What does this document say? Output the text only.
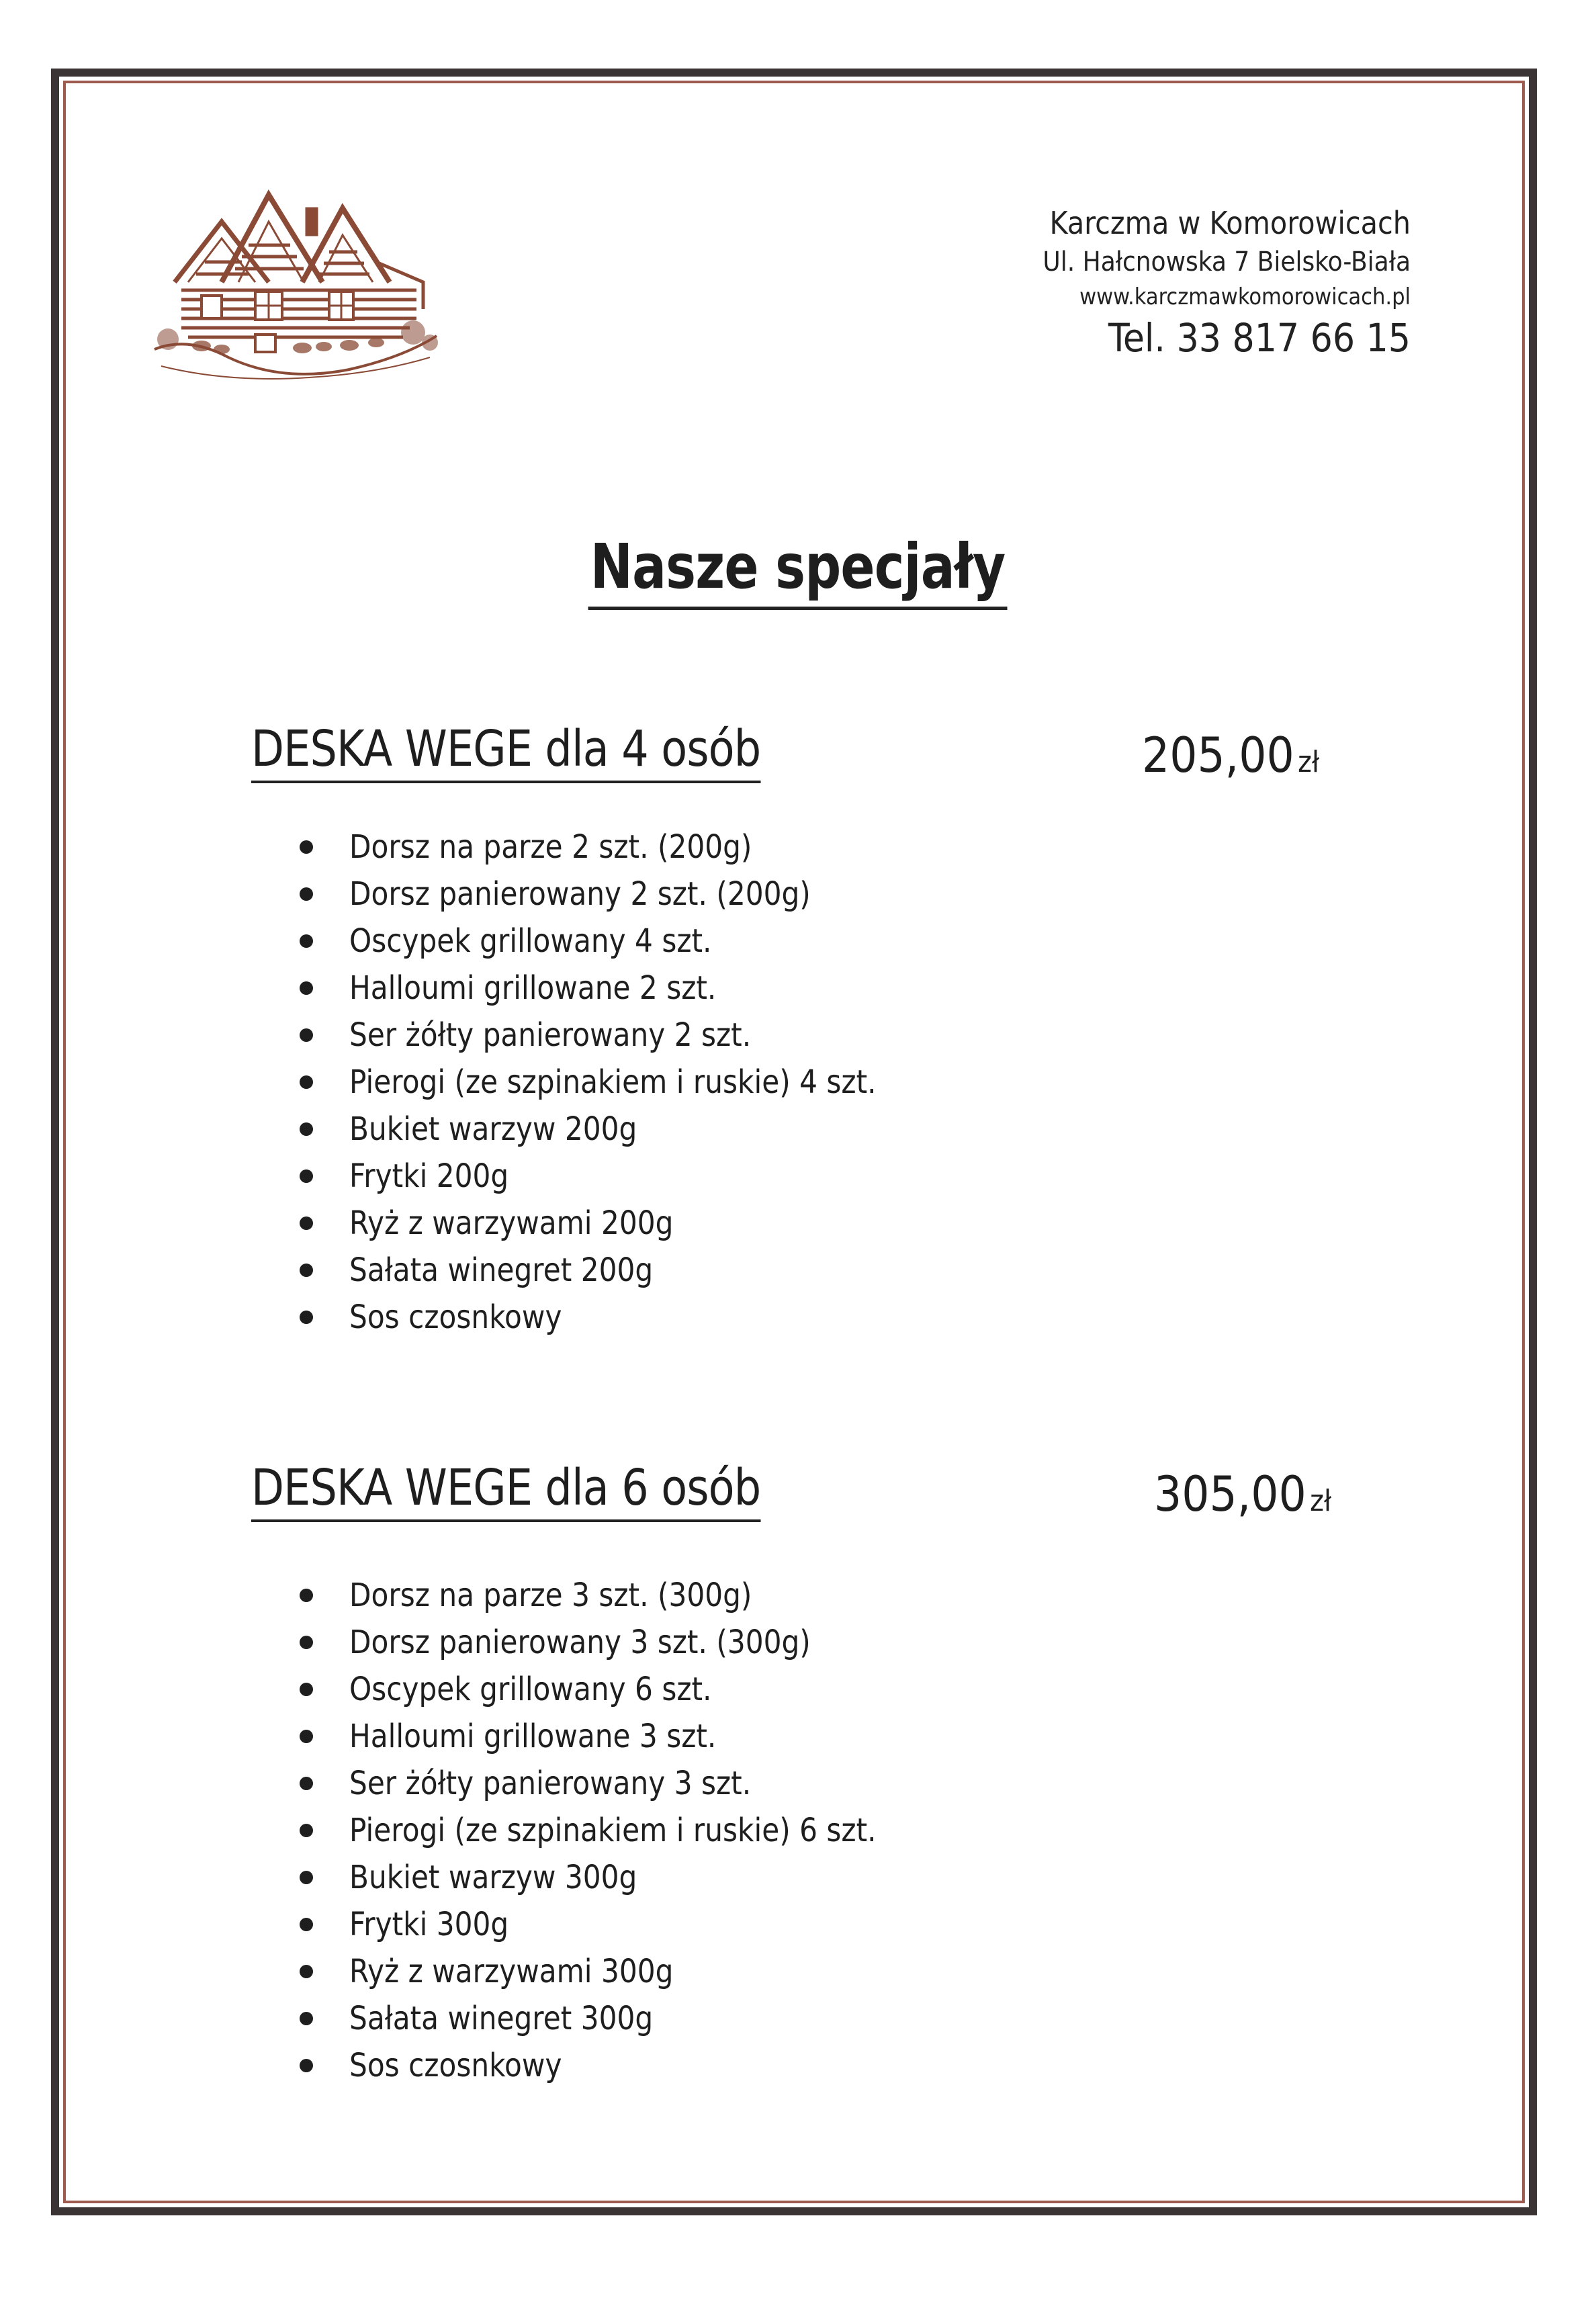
Karczma w Komorowicach
Ul. Hałcnowska 7 Bielsko-Biała
www.karczmawkomorowicach.pl
Tel. 33 817 66 15
Nasze specjały
DESKA WEGE dla 4 osób	205,00 zł
Dorsz na parze 2 szt. (200g)
Dorsz panierowany 2 szt. (200g)
Oscypek grillowany 4 szt.
Halloumi grillowane 2 szt.
Ser żółty panierowany 2 szt.
Pierogi (ze szpinakiem i ruskie) 4 szt.
Bukiet warzyw 200g
Frytki 200g
Ryż z warzywami 200g
Sałata winegret 200g
Sos czosnkowy
DESKA WEGE dla 6 osób	305,00 zł
Dorsz na parze 3 szt. (300g)
Dorsz panierowany 3 szt. (300g)
Oscypek grillowany 6 szt.
Halloumi grillowane 3 szt.
Ser żółty panierowany 3 szt.
Pierogi (ze szpinakiem i ruskie) 6 szt.
Bukiet warzyw 300g
Frytki 300g
Ryż z warzywami 300g
Sałata winegret 300g
Sos czosnkowy
